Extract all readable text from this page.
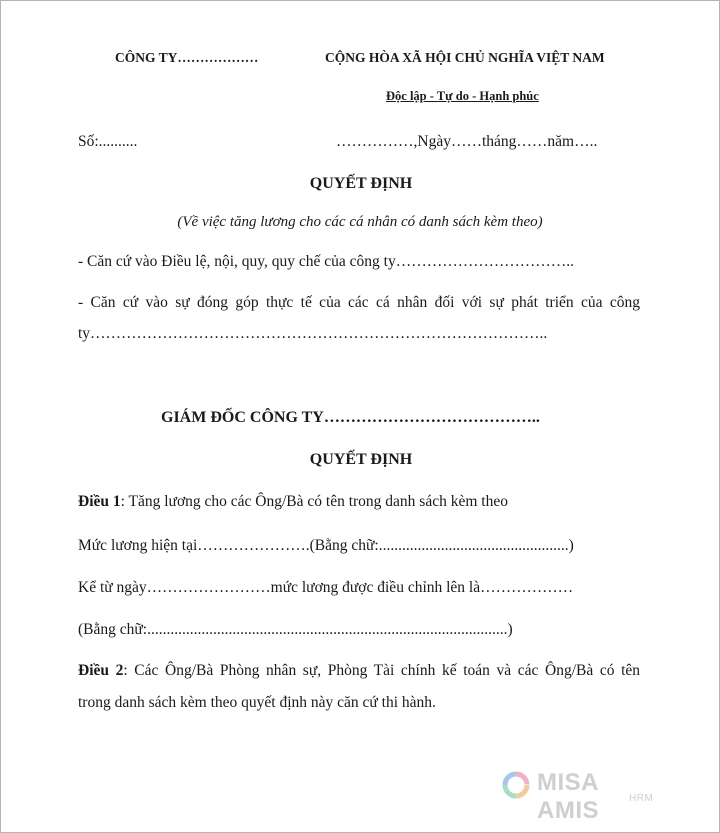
CÔNG TY………………	CỘNG HÒA XÃ HỘI CHỦ NGHĨA VIỆT NAM
Độc lập - Tự do - Hạnh phúc
Số:..........	……………,Ngày……tháng……năm…..
QUYẾT ĐỊNH
(Về việc tăng lương cho các cá nhân có danh sách kèm theo)
- Căn cứ vào Điều lệ, nội, quy, quy chế của công ty……………………………..
- Căn cứ vào sự đóng góp thực tế của các cá nhân đối với sự phát triển của công
ty……………………………………………………………………………..
GIÁM ĐỐC CÔNG TY…………………………………..
QUYẾT ĐỊNH
Điều 1: Tăng lương cho các Ông/Bà có tên trong danh sách kèm theo
Mức lương hiện tại………………….(Bằng chữ:.................................................)
Kể từ ngày……………………mức lương được điều chỉnh lên là………………
(Bằng chữ:.............................................................................................)
Điều 2: Các Ông/Bà Phòng nhân sự, Phòng Tài chính kế toán và các Ông/Bà có tên
trong danh sách kèm theo quyết định này căn cứ thi hành.
MISA AMIS	HRM
